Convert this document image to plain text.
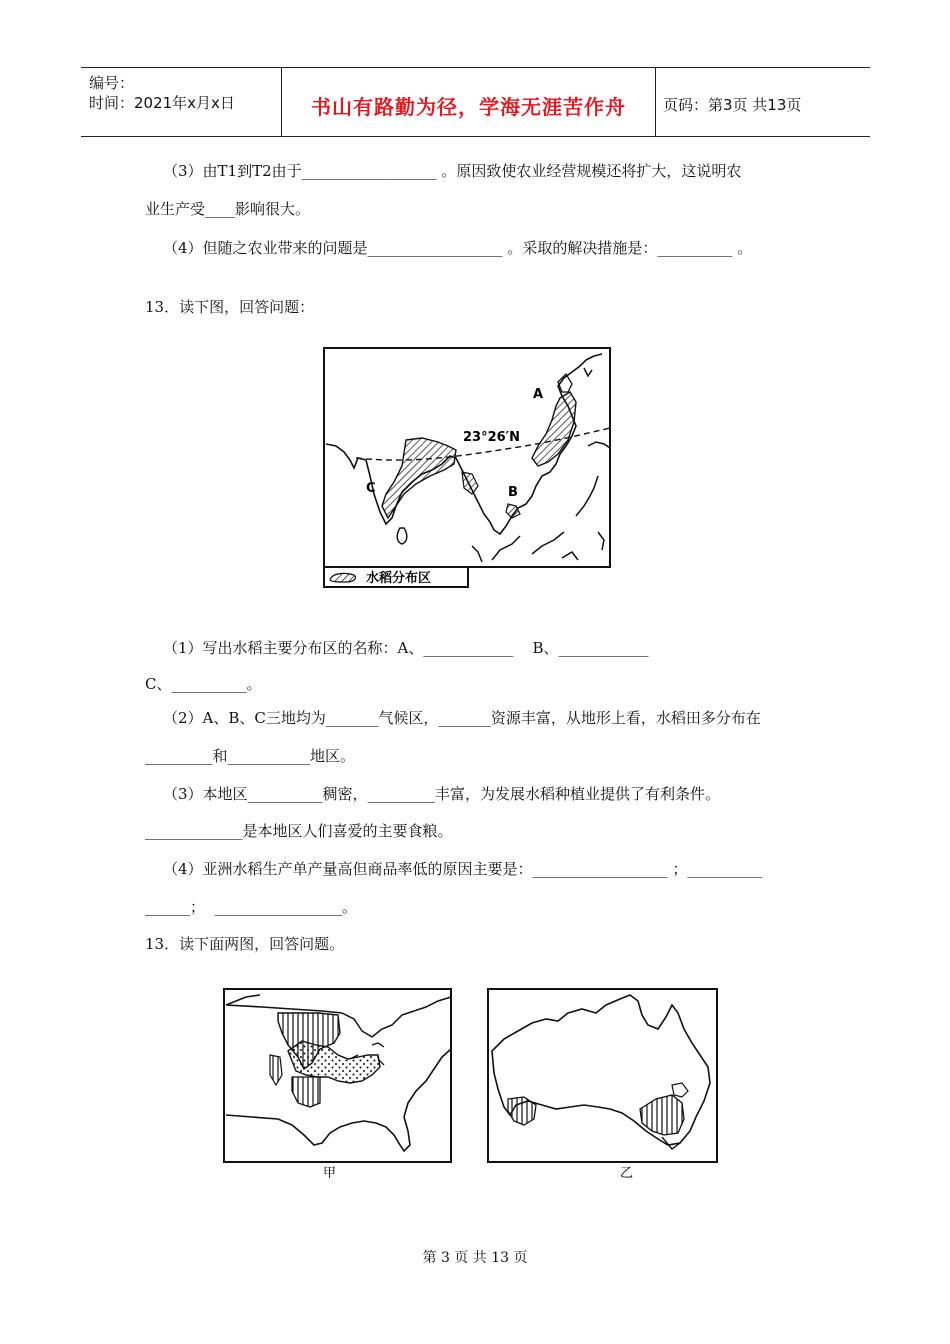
编号：
时间：2021年x月x日	书山有路勤为径，学海无涯苦作舟	页码：第3页 共13页
（3）由T1到T2由于__________________ 。原因致使农业经营规模还将扩大，这说明农
业生产受____影响很大。
（4）但随之农业带来的问题是__________________ 。采取的解决措施是：__________ 。
13．读下图，回答问题：
A
B
C
23°26′N
水稻分布区
（1）写出水稻主要分布区的名称：A、____________    B、____________
C、__________。
（2）A、B、C三地均为_______气候区，_______资源丰富，从地形上看，水稻田多分布在
_________和___________地区。
（3）本地区__________稠密，_________丰富，为发展水稻种植业提供了有利条件。
_____________是本地区人们喜爱的主要食粮。
（4）亚洲水稻生产单产量高但商品率低的原因主要是：__________________ ；__________
______；  _________________。
13．读下面两图，回答问题。
甲	乙
第 3 页 共 13 页
